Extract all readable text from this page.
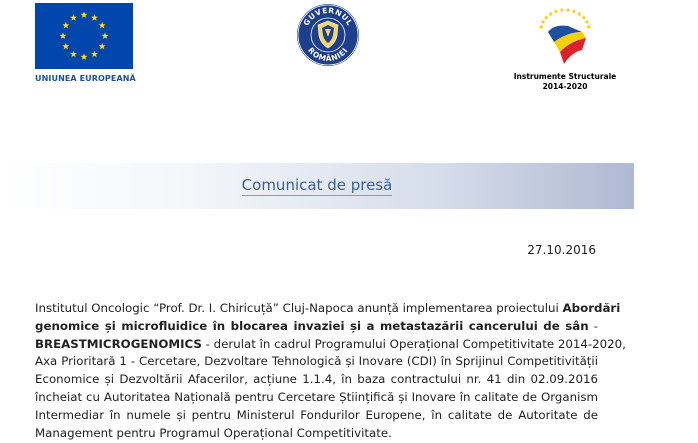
UNIUNEA EUROPEANĂ
GUVERNUL
ROMÂNIEI
Instrumente Structurale
2014-2020
Comunicat de presă
27.10.2016
Institutul Oncologic “Prof. Dr. I. Chiricuță” Cluj-Napoca anunță implementarea proiectului Abordări
genomice și microfluidice în blocarea invaziei și a metastazării cancerului de sân -
BREASTMICROGENOMICS - derulat în cadrul Programului Operațional Competitivitate 2014-2020,
Axa Prioritară 1 - Cercetare, Dezvoltare Tehnologică și Inovare (CDI) în Sprijinul Competitivității
Economice și Dezvoltării Afacerilor, acțiune 1.1.4, în baza contractului nr. 41 din 02.09.2016
încheiat cu Autoritatea Națională pentru Cercetare Științifică și Inovare în calitate de Organism
Intermediar în numele și pentru Ministerul Fondurilor Europene, în calitate de Autoritate de
Management pentru Programul Operațional Competitivitate.
